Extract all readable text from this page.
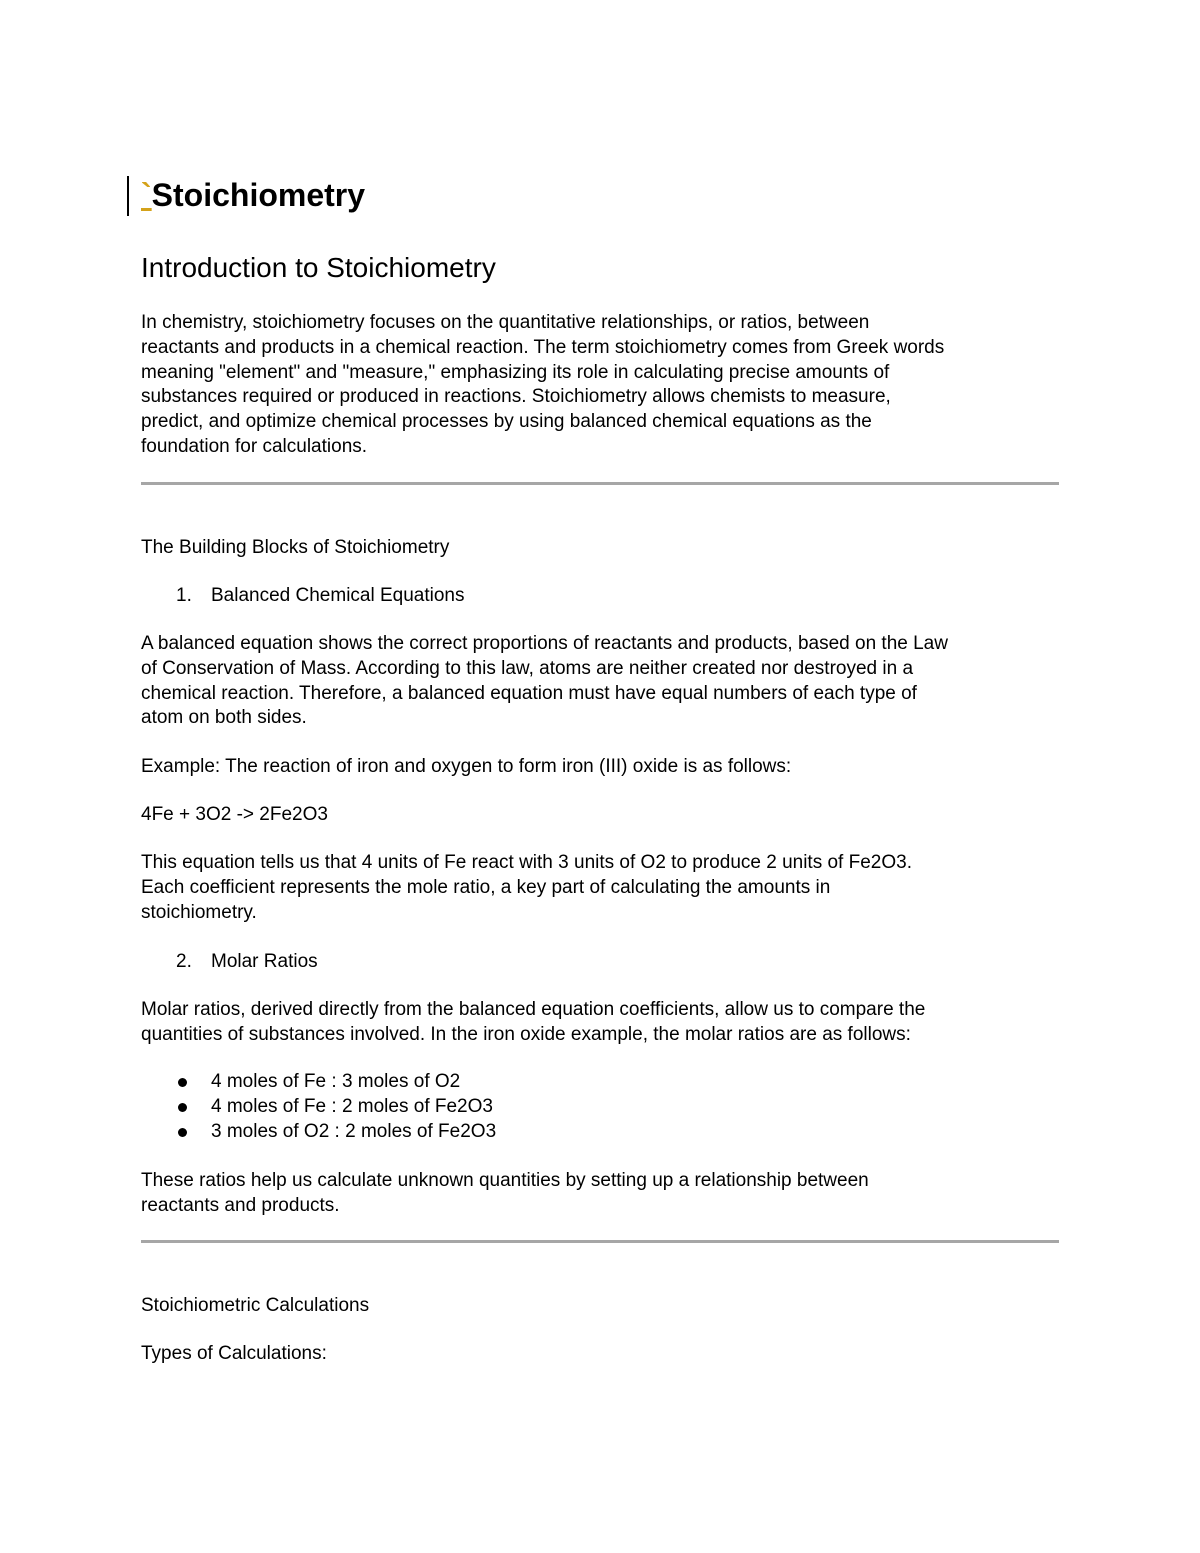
`Stoichiometry
Introduction to Stoichiometry

In chemistry, stoichiometry focuses on the quantitative relationships, or ratios, between
reactants and products in a chemical reaction. The term stoichiometry comes from Greek words
meaning "element" and "measure," emphasizing its role in calculating precise amounts of
substances required or produced in reactions. Stoichiometry allows chemists to measure,
predict, and optimize chemical processes by using balanced chemical equations as the
foundation for calculations.

The Building Blocks of Stoichiometry

1. Balanced Chemical Equations

A balanced equation shows the correct proportions of reactants and products, based on the Law
of Conservation of Mass. According to this law, atoms are neither created nor destroyed in a
chemical reaction. Therefore, a balanced equation must have equal numbers of each type of
atom on both sides.

Example: The reaction of iron and oxygen to form iron (III) oxide is as follows:

4Fe + 3O2 -> 2Fe2O3

This equation tells us that 4 units of Fe react with 3 units of O2 to produce 2 units of Fe2O3.
Each coefficient represents the mole ratio, a key part of calculating the amounts in
stoichiometry.

2. Molar Ratios

Molar ratios, derived directly from the balanced equation coefficients, allow us to compare the
quantities of substances involved. In the iron oxide example, the molar ratios are as follows:

4 moles of Fe : 3 moles of O2
4 moles of Fe : 2 moles of Fe2O3
3 moles of O2 : 2 moles of Fe2O3

These ratios help us calculate unknown quantities by setting up a relationship between
reactants and products.

Stoichiometric Calculations

Types of Calculations:
